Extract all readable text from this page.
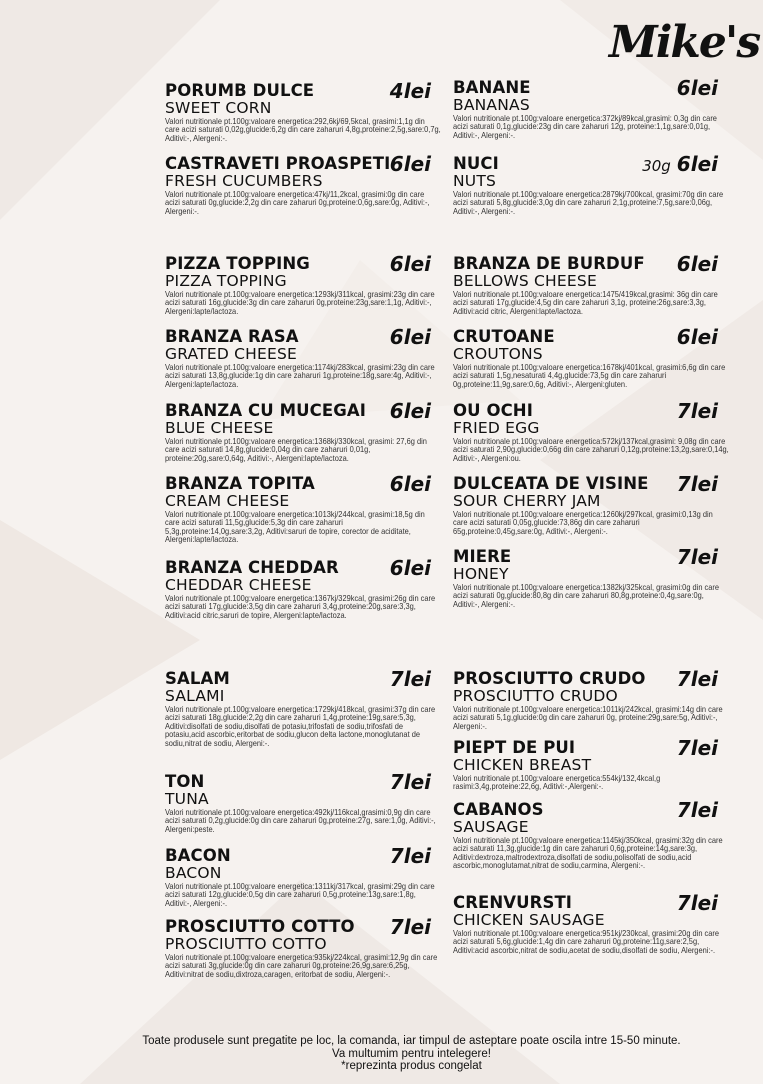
Mike's
PORUMB DULCE
SWEET CORN
4lei
Valori nutritionale pt.100g:valoare energetica:292,6kj/69,5kcal, grasimi:1,1g din care acizi saturati 0,02g,glucide:6,2g din care zaharuri 4,8g,proteine:2,5g,sare:0,7g, Aditivi:-, Alergeni:-.
CASTRAVETI PROASPETI
FRESH CUCUMBERS
6lei
Valori nutritionale pt.100g:valoare energetica:47kj/11,2kcal, grasimi:0g din care acizi saturati 0g,glucide:2,2g din care zaharuri 0g,proteine:0,6g,sare:0g, Aditivi:-, Alergeni:-.
BANANE
BANANAS
6lei
Valori nutritionale pt.100g:valoare energetica:372kj/89kcal,grasimi: 0,3g din care acizi saturati 0,1g,glucide:23g din care zaharuri 12g, proteine:1,1g,sare:0,01g, Aditivi:-, Alergeni:-.
NUCI
NUTS
30g 6lei
Valori nutritionale pt.100g:valoare energetica:2879kj/700kcal, grasimi:70g din care acizi saturati 5,8g,glucide:3,0g din care zaharuri 2,1g,proteine:7,5g,sare:0,06g, Aditivi:-, Alergeni:-.
PIZZA TOPPING
PIZZA TOPPING
6lei
Valori nutritionale pt.100g:valoare energetica:1293kj/311kcal, grasimi:23g din care acizi saturati 16g,glucide:3g din care zaharuri 0g,proteine:23g,sare:1,1g, Aditivi:-, Alergeni:lapte/lactoza.
BRANZA RASA
GRATED CHEESE
6lei
Valori nutritionale pt.100g:valoare energetica:1174kj/283kcal, grasimi:23g din care acizi saturati 13,8g,glucide:1g din care zaharuri 1g,proteine:18g,sare:4g, Aditivi:-, Alergeni:lapte/lactoza.
BRANZA CU MUCEGAI
BLUE CHEESE
6lei
Valori nutritionale pt.100g:valoare energetica:1368kj/330kcal, grasimi: 27,6g din care acizi saturati 14,8g,glucide:0,04g din care zaharuri 0,01g, proteine:20g,sare:0,64g, Aditivi:-, Alergeni:lapte/lactoza.
BRANZA TOPITA
CREAM CHEESE
6lei
Valori nutritionale pt.100g:valoare energetica:1013kj/244kcal, grasimi:18,5g din care acizi saturati 11,5g,glucide:5,3g din care zaharuri 5,3g,proteine:14,0g,sare:3,2g, Aditivi:saruri de topire, corector de aciditate, Alergeni:lapte/lactoza.
BRANZA CHEDDAR
CHEDDAR CHEESE
6lei
Valori nutritionale pt.100g:valoare energetica:1367kj/329kcal, grasimi:26g din care acizi saturati 17g,glucide:3,5g din care zaharuri 3,4g,proteine:20g,sare:3,3g, Aditivi:acid citric,saruri de topire, Alergeni:lapte/lactoza.
BRANZA DE BURDUF
BELLOWS CHEESE
6lei
Valori nutritionale pt.100g:valoare energetica:1475/419kcal,grasimi: 36g din care acizi saturati 17g,glucide:4,5g din care zaharuri 3,1g, proteine:26g,sare:3,3g, Aditivi:acid citric, Alergeni:lapte/lactoza.
CRUTOANE
CROUTONS
6lei
Valori nutritionale pt.100g:valoare energetica:1678kj/401kcal, grasimi:6,6g din care acizi saturati 1,5g,nesaturati 4,4g,glucide:73,5g din care zaharuri 0g,proteine:11,9g,sare:0,6g, Aditivi:-, Alergeni:gluten.
OU OCHI
FRIED EGG
7lei
Valori nutritionale pt.100g:valoare energetica:572kj/137kcal,grasimi: 9,08g din care acizi saturati 2,90g,glucide:0,66g din care zaharuri 0,12g,proteine:13,2g,sare:0,14g, Aditivi:-, Alergeni:ou.
DULCEATA DE VISINE
SOUR CHERRY JAM
7lei
Valori nutritionale pt.100g:valoare energetica:1260kj/297kcal, grasimi:0,13g din care acizi saturati 0,05g,glucide:73,86g din care zaharuri 65g,proteine:0,45g,sare:0g, Aditivi:-, Alergeni:-.
MIERE
HONEY
7lei
Valori nutritionale pt.100g:valoare energetica:1382kj/325kcal, grasimi:0g din care acizi saturati 0g,glucide:80,8g din care zaharuri 80,8g,proteine:0,4g,sare:0g, Aditivi:-, Alergeni:-.
SALAM
SALAMI
7lei
Valori nutritionale pt.100g:valoare energetica:1729kj/418kcal, grasimi:37g din care acizi saturati 18g,glucide:2,2g din care zaharuri 1,4g,proteine:19g,sare:5,3g, Aditivi:disolfati de sodiu,disolfati de potasiu,trifosfati de sodiu,trifosfati de potasiu,acid ascorbic,eritorbat de sodiu,glucon delta lactone,monoglutanat de sodiu,nitrat de sodiu, Alergeni:-.
TON
TUNA
7lei
Valori nutritionale pt.100g:valoare energetica:492kj/116kcal,grasimi:0,9g din care acizi saturati 0,2g,glucide:0g din care zaharuri 0g,proteine:27g, sare:1,0g, Aditivi:-, Alergeni:peste.
BACON
BACON
7lei
Valori nutritionale pt.100g:valoare energetica:1311kj/317kcal, grasimi:29g din care acizi saturati 12g,glucide:0,5g din care zaharuri 0,5g,proteine:13g,sare:1,8g, Aditivi:-, Alergeni:-.
PROSCIUTTO COTTO
PROSCIUTTO COTTO
7lei
Valori nutritionale pt.100g:valoare energetica:935kj/224kcal, grasimi:12,9g din care acizi saturati 3g,glucide:0g din care zaharuri 0g,proteine:26,9g,sare:6,25g, Aditivi:nitrat de sodiu,dixtroza,caragen, eritorbat de sodiu, Alergeni:-.
PROSCIUTTO CRUDO
PROSCIUTTO CRUDO
7lei
Valori nutritionale pt.100g:valoare energetica:1011kj/242kcal, grasimi:14g din care acizi saturati 5,1g,glucide:0g din care zaharuri 0g, proteine:29g,sare:5g, Aditivi:-, Alergeni:-.
PIEPT DE PUI
CHICKEN BREAST
7lei
Valori nutritionale pt.100g:valoare energetica:554kj/132,4kcal,g rasimi:3,4g,proteine:22,6g, Aditivi:-,Alergeni:-.
CABANOS
SAUSAGE
7lei
Valori nutritionale pt.100g:valoare energetica:1145kj/350kcal, grasimi:32g din care acizi saturati 11,3g,glucide:1g din care zaharuri 0,6g,proteine:14g,sare:3g, Aditivi:dextroza,maltrodextroza,disolfati de sodiu,polisolfati de sodiu,acid ascorbic,monoglutamat,nitrat de sodiu,carmina, Alergeni:-.
CRENVURSTI
CHICKEN SAUSAGE
7lei
Valori nutritionale pt.100g:valoare energetica:951kj/230kcal, grasimi:20g din care acizi saturati 5,6g,glucide:1,4g din care zaharuri 0g,proteine:11g,sare:2,5g, Aditivi:acid ascorbic,nitrat de sodiu,acetat de sodiu,disolfati de sodiu, Alergeni:-.
Toate produsele sunt pregatite pe loc, la comanda, iar timpul de asteptare poate oscila intre 15-50 minute.
Va multumim pentru intelegere!
*reprezinta produs congelat
